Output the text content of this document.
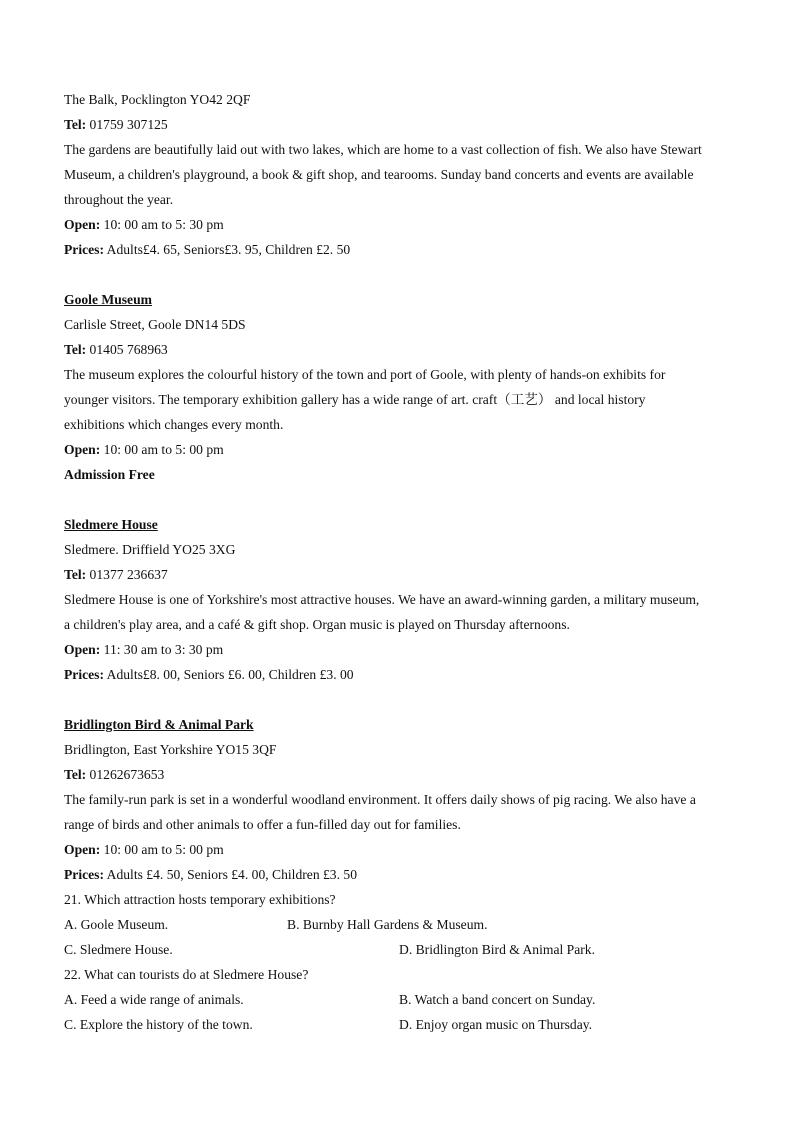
The Balk, Pocklington YO42 2QF
Tel: 01759 307125
The gardens are beautifully laid out with two lakes, which are home to a vast collection of fish. We also have Stewart
Museum, a children's playground, a book & gift shop, and tearooms. Sunday band concerts and events are available
throughout the year.
Open: 10: 00 am to 5: 30 pm
Prices: Adults£4. 65, Seniors£3. 95, Children £2. 50
Goole Museum
Carlisle Street, Goole DN14 5DS
Tel: 01405 768963
The museum explores the colourful history of the town and port of Goole, with plenty of hands-on exhibits for
younger visitors. The temporary exhibition gallery has a wide range of art. craft（工艺） and local history
exhibitions which changes every month.
Open: 10: 00 am to 5: 00 pm
Admission Free
Sledmere House
Sledmere. Driffield YO25 3XG
Tel: 01377 236637
Sledmere House is one of Yorkshire's most attractive houses. We have an award-winning garden, a military museum,
a children's play area, and a café & gift shop. Organ music is played on Thursday afternoons.
Open: 11: 30 am to 3: 30 pm
Prices: Adults£8. 00, Seniors £6. 00, Children £3. 00
Bridlington Bird & Animal Park
Bridlington, East Yorkshire YO15 3QF
Tel: 01262673653
The family-run park is set in a wonderful woodland environment. It offers daily shows of pig racing. We also have a
range of birds and other animals to offer a fun-filled day out for families.
Open: 10: 00 am to 5: 00 pm
Prices: Adults £4. 50, Seniors £4. 00, Children £3. 50
21. Which attraction hosts temporary exhibitions?
A. Goole Museum.	B. Burnby Hall Gardens & Museum.
C. Sledmere House.	D. Bridlington Bird & Animal Park.
22. What can tourists do at Sledmere House?
A. Feed a wide range of animals.	B. Watch a band concert on Sunday.
C. Explore the history of the town.	D. Enjoy organ music on Thursday.
